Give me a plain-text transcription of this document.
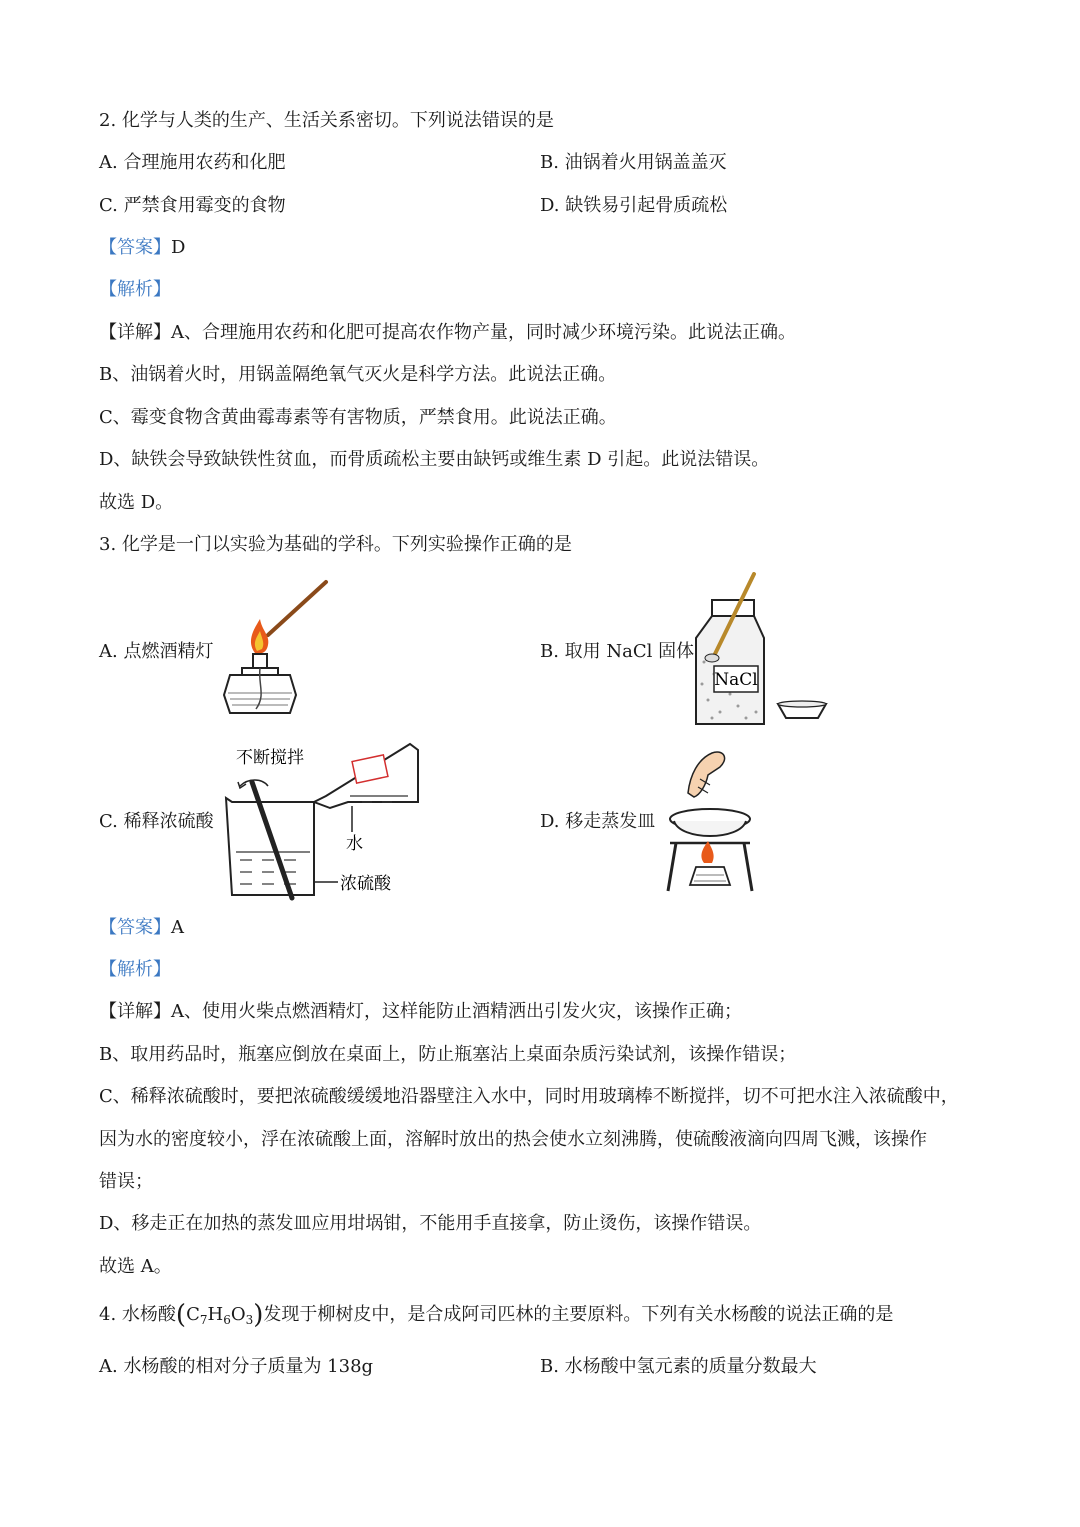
2. 化学与人类的生产、生活关系密切。下列说法错误的是
A. 合理施用农药和化肥	B. 油锅着火用锅盖盖灭
C. 严禁食用霉变的食物	D. 缺铁易引起骨质疏松
【答案】D
【解析】
【详解】A、合理施用农药和化肥可提高农作物产量，同时减少环境污染。此说法正确。
B、油锅着火时，用锅盖隔绝氧气灭火是科学方法。此说法正确。
C、霉变食物含黄曲霉毒素等有害物质，严禁食用。此说法正确。
D、缺铁会导致缺铁性贫血，而骨质疏松主要由缺钙或维生素 D 引起。此说法错误。
故选 D。
3. 化学是一门以实验为基础的学科。下列实验操作正确的是
A. 点燃酒精灯	B. 取用 NaCl 固体
NaCl
C. 稀释浓硫酸
不断搅拌
水
浓硫酸
D. 移走蒸发皿
【答案】A
【解析】
【详解】A、使用火柴点燃酒精灯，这样能防止酒精洒出引发火灾，该操作正确；
B、取用药品时，瓶塞应倒放在桌面上，防止瓶塞沾上桌面杂质污染试剂，该操作错误；
C、稀释浓硫酸时，要把浓硫酸缓缓地沿器壁注入水中，同时用玻璃棒不断搅拌，切不可把水注入浓硫酸中，
因为水的密度较小，浮在浓硫酸上面，溶解时放出的热会使水立刻沸腾，使硫酸液滴向四周飞溅，该操作
错误；
D、移走正在加热的蒸发皿应用坩埚钳，不能用手直接拿，防止烫伤，该操作错误。
故选 A。
4. 水杨酸$(C_7H_6O_3)$发现于柳树皮中，是合成阿司匹林的主要原料。下列有关水杨酸的说法正确的是
A. 水杨酸的相对分子质量为 138g	B. 水杨酸中氢元素的质量分数最大
